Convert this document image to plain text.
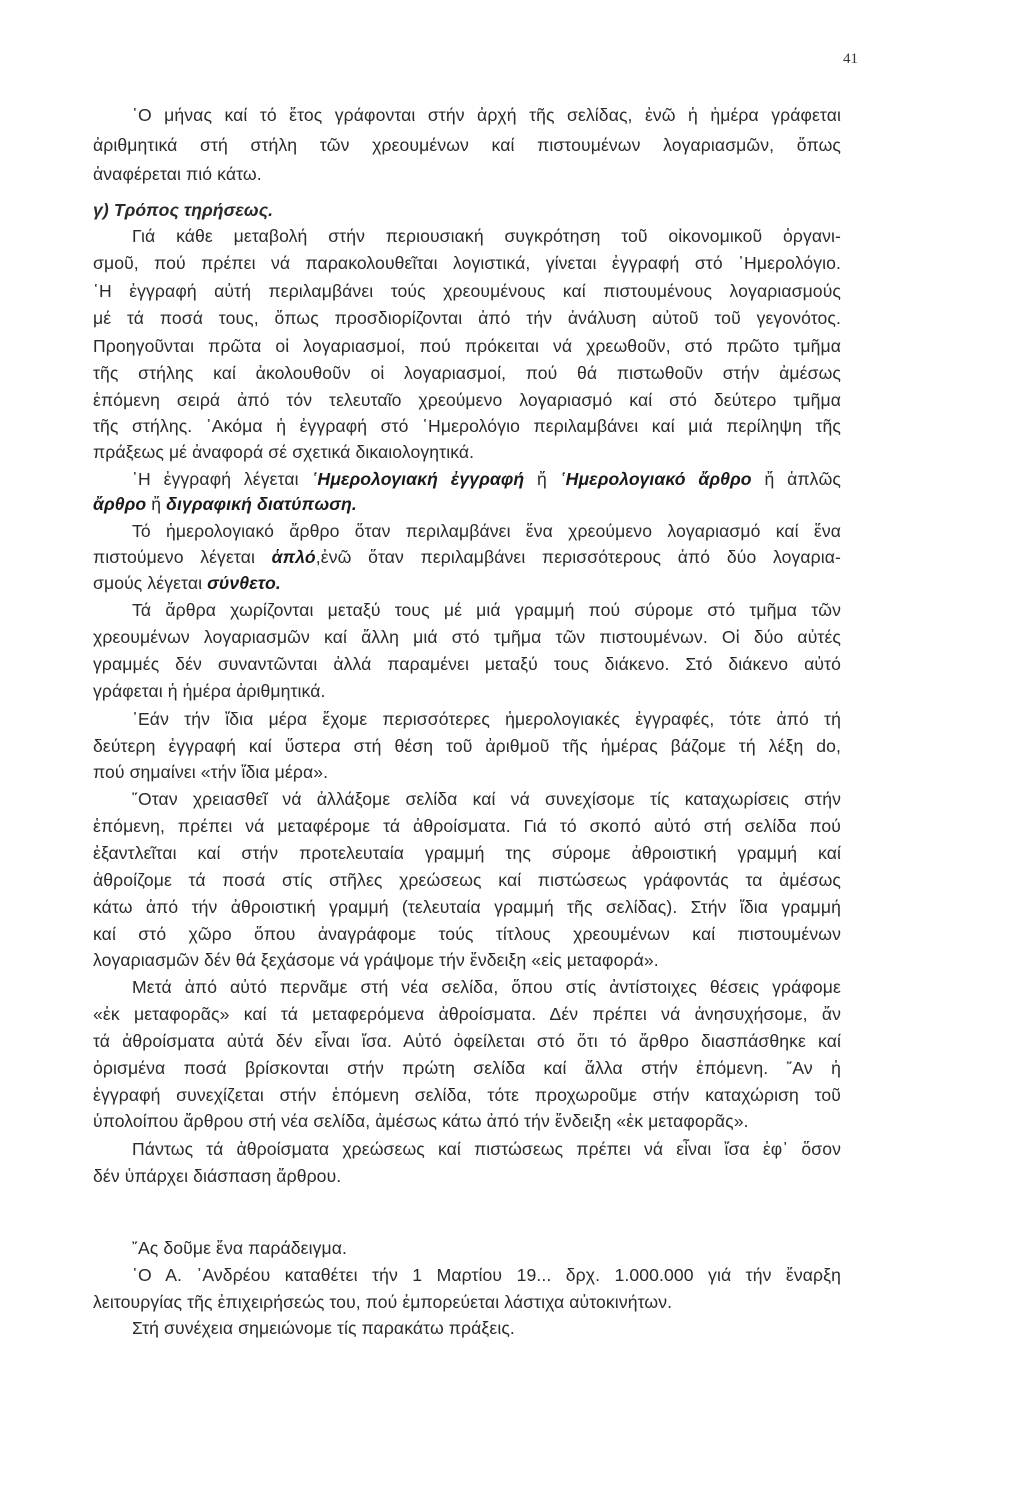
41
῾Ο μήνας καί τό ἔτος γράφονται στήν ἀρχή τῆς σελίδας, ἐνῶ ἡ ἡμέρα γράφεται
ἀριθμητικά στή στήλη τῶν χρεουμένων καί πιστουμένων λογαριασμῶν, ὅπως
ἀναφέρεται πιό κάτω.
γ) Τρόπος τηρήσεως.
Γιά κάθε μεταβολή στήν περιουσιακή συγκρότηση τοῦ οἰκονομικοῦ ὀργανι-
σμοῦ, πού πρέπει νά παρακολουθεῖται λογιστικά, γίνεται ἐγγραφή στό ῾Ημερολόγιο.
῾Η ἐγγραφή αὐτή περιλαμβάνει τούς χρεουμένους καί πιστουμένους λογαριασμούς
μέ τά ποσά τους, ὅπως προσδιορίζονται ἀπό τήν ἀνάλυση αὐτοῦ τοῦ γεγονότος.
Προηγοῦνται πρῶτα οἱ λογαριασμοί, πού πρόκειται νά χρεωθοῦν, στό πρῶτο τμῆμα
τῆς στήλης καί ἀκολουθοῦν οἱ λογαριασμοί, πού θά πιστωθοῦν στήν ἀμέσως
ἑπόμενη σειρά ἀπό τόν τελευταῖο χρεούμενο λογαριασμό καί στό δεύτερο τμῆμα
τῆς στήλης. ᾿Ακόμα ἡ ἐγγραφή στό ῾Ημερολόγιο περιλαμβάνει καί μιά περίληψη τῆς
πράξεως μέ ἀναφορά σέ σχετικά δικαιολογητικά.
῾Η ἐγγραφή λέγεται ῾Ημερολογιακή ἐγγραφή ἤ ῾Ημερολογιακό ἄρθρο ἤ ἁπλῶς
ἄρθρο ἤ διγραφική διατύπωση.
Τό ἡμερολογιακό ἄρθρο ὅταν περιλαμβάνει ἕνα χρεούμενο λογαριασμό καί ἕνα
πιστούμενο λέγεται ἁπλό,ἐνῶ ὅταν περιλαμβάνει περισσότερους ἀπό δύο λογαρια-
σμούς λέγεται σύνθετο.
Τά ἄρθρα χωρίζονται μεταξύ τους μέ μιά γραμμή πού σύρομε στό τμῆμα τῶν
χρεουμένων λογαριασμῶν καί ἄλλη μιά στό τμῆμα τῶν πιστουμένων. Οἱ δύο αὐτές
γραμμές δέν συναντῶνται ἀλλά παραμένει μεταξύ τους διάκενο. Στό διάκενο αὐτό
γράφεται ἡ ἡμέρα ἀριθμητικά.
᾿Εάν τήν ἴδια μέρα ἔχομε περισσότερες ἡμερολογιακές ἐγγραφές, τότε ἀπό τή
δεύτερη ἐγγραφή καί ὕστερα στή θέση τοῦ ἀριθμοῦ τῆς ἡμέρας βάζομε τή λέξη do,
πού σημαίνει «τήν ἴδια μέρα».
῞Οταν χρειασθεῖ νά ἀλλάξομε σελίδα καί νά συνεχίσομε τίς καταχωρίσεις στήν
ἑπόμενη, πρέπει νά μεταφέρομε τά ἀθροίσματα. Γιά τό σκοπό αὐτό στή σελίδα πού
ἐξαντλεῖται καί στήν προτελευταία γραμμή της σύρομε ἀθροιστική γραμμή καί
ἀθροίζομε τά ποσά στίς στῆλες χρεώσεως καί πιστώσεως γράφοντάς τα ἀμέσως
κάτω ἀπό τήν ἀθροιστική γραμμή (τελευταία γραμμή τῆς σελίδας). Στήν ἴδια γραμμή
καί στό χῶρο ὅπου ἀναγράφομε τούς τίτλους χρεουμένων καί πιστουμένων
λογαριασμῶν δέν θά ξεχάσομε νά γράψομε τήν ἔνδειξη «εἰς μεταφορά».
Μετά ἀπό αὐτό περνᾶμε στή νέα σελίδα, ὅπου στίς ἀντίστοιχες θέσεις γράφομε
«ἐκ μεταφορᾶς» καί τά μεταφερόμενα ἀθροίσματα. Δέν πρέπει νά ἀνησυχήσομε, ἄν
τά ἀθροίσματα αὐτά δέν εἶναι ἴσα. Αὐτό ὀφείλεται στό ὅτι τό ἄρθρο διασπάσθηκε καί
ὁρισμένα ποσά βρίσκονται στήν πρώτη σελίδα καί ἄλλα στήν ἑπόμενη. ῎Αν ἡ
ἐγγραφή συνεχίζεται στήν ἑπόμενη σελίδα, τότε προχωροῦμε στήν καταχώριση τοῦ
ὑπολοίπου ἄρθρου στή νέα σελίδα, ἀμέσως κάτω ἀπό τήν ἔνδειξη «ἐκ μεταφορᾶς».
Πάντως τά ἀθροίσματα χρεώσεως καί πιστώσεως πρέπει νά εἶναι ἴσα ἐφ᾿ ὅσον
δέν ὑπάρχει διάσπαση ἄρθρου.
῎Ας δοῦμε ἕνα παράδειγμα.
῾Ο Α. ᾿Ανδρέου καταθέτει τήν 1 Μαρτίου 19... δρχ. 1.000.000 γιά τήν ἔναρξη
λειτουργίας τῆς ἐπιχειρήσεώς του, πού ἐμπορεύεται λάστιχα αὐτοκινήτων.
Στή συνέχεια σημειώνομε τίς παρακάτω πράξεις.
